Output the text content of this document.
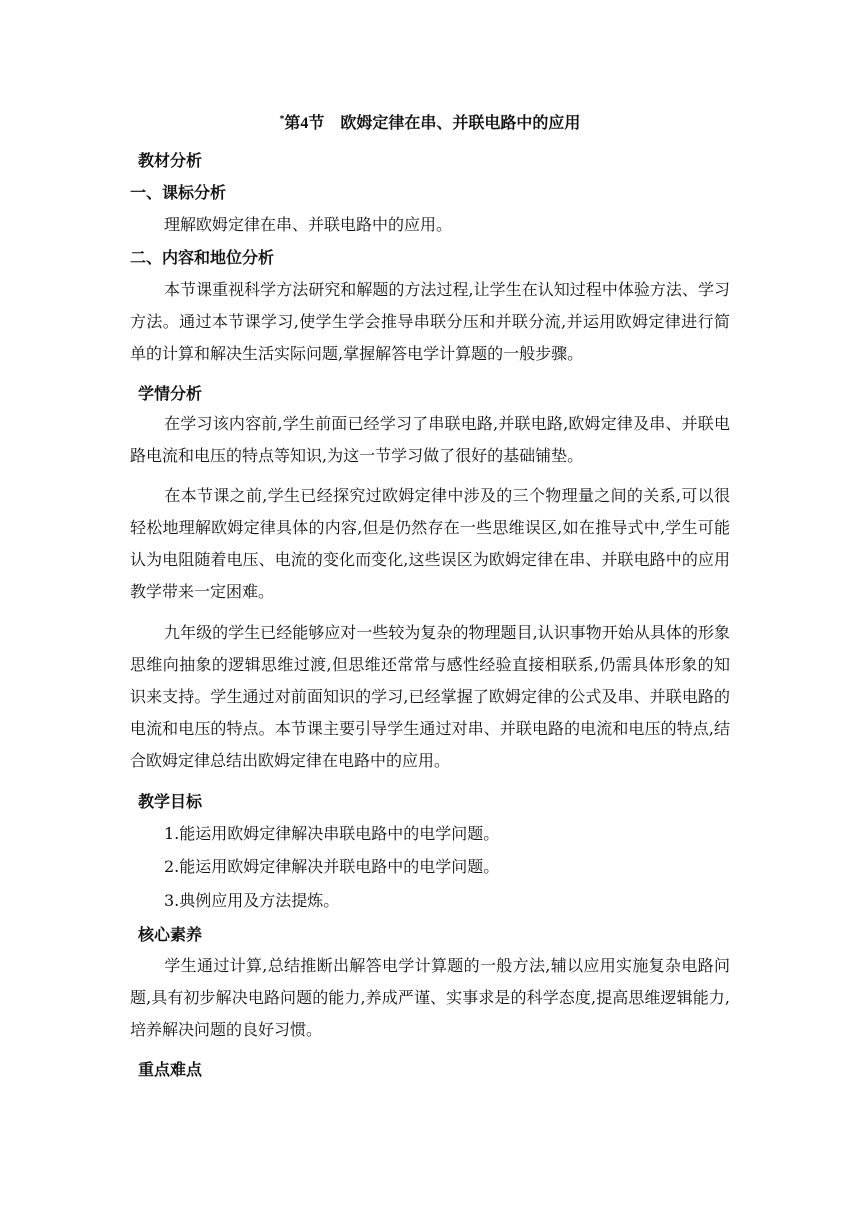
*第4节　欧姆定律在串、并联电路中的应用
教材分析
一、课标分析
理解欧姆定律在串、并联电路中的应用。
二、内容和地位分析
本节课重视科学方法研究和解题的方法过程,让学生在认知过程中体验方法、学习方法。通过本节课学习,使学生学会推导串联分压和并联分流,并运用欧姆定律进行简单的计算和解决生活实际问题,掌握解答电学计算题的一般步骤。
学情分析
在学习该内容前,学生前面已经学习了串联电路,并联电路,欧姆定律及串、并联电路电流和电压的特点等知识,为这一节学习做了很好的基础铺垫。
在本节课之前,学生已经探究过欧姆定律中涉及的三个物理量之间的关系,可以很轻松地理解欧姆定律具体的内容,但是仍然存在一些思维误区,如在推导式中,学生可能认为电阻随着电压、电流的变化而变化,这些误区为欧姆定律在串、并联电路中的应用教学带来一定困难。
九年级的学生已经能够应对一些较为复杂的物理题目,认识事物开始从具体的形象思维向抽象的逻辑思维过渡,但思维还常常与感性经验直接相联系,仍需具体形象的知识来支持。学生通过对前面知识的学习,已经掌握了欧姆定律的公式及串、并联电路的电流和电压的特点。本节课主要引导学生通过对串、并联电路的电流和电压的特点,结合欧姆定律总结出欧姆定律在电路中的应用。
教学目标
1.能运用欧姆定律解决串联电路中的电学问题。
2.能运用欧姆定律解决并联电路中的电学问题。
3.典例应用及方法提炼。
核心素养
学生通过计算,总结推断出解答电学计算题的一般方法,辅以应用实施复杂电路问题,具有初步解决电路问题的能力,养成严谨、实事求是的科学态度,提高思维逻辑能力,培养解决问题的良好习惯。
重点难点
